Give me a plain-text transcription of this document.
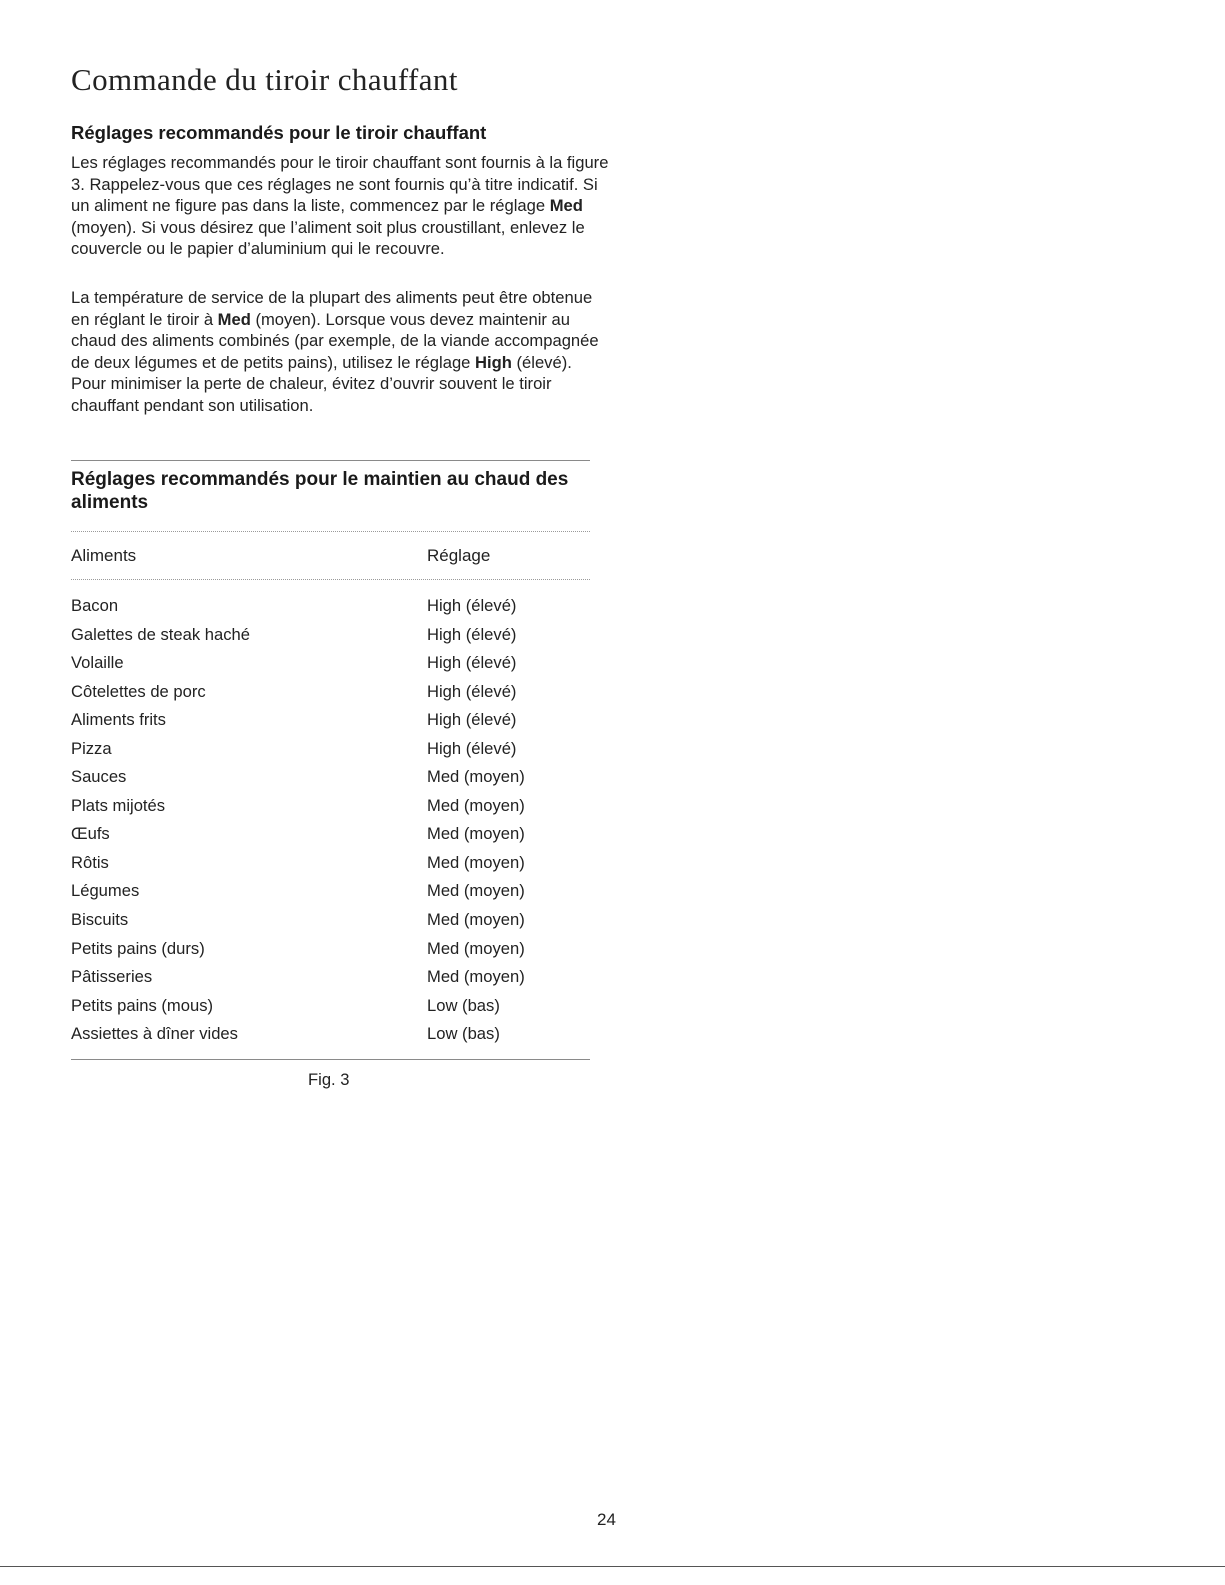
Commande du tiroir chauffant
Réglages recommandés pour le tiroir chauffant

Les réglages recommandés pour le tiroir chauffant sont fournis à la figure 3. Rappelez-vous que ces réglages ne sont fournis qu’à titre indicatif. Si un aliment ne figure pas dans la liste, commencez par le réglage Med (moyen). Si vous désirez que l’aliment soit plus croustillant, enlevez le couvercle ou le papier d’aluminium qui le recouvre.

La température de service de la plupart des aliments peut être obtenue en réglant le tiroir à Med (moyen). Lorsque vous devez maintenir au chaud des aliments combinés (par exemple, de la viande accompagnée de deux légumes et de petits pains), utilisez le réglage High (élevé). Pour minimiser la perte de chaleur, évitez d’ouvrir souvent le tiroir chauffant pendant son utilisation.

Réglages recommandés pour le maintien au chaud des aliments
Aliments	Réglage
Bacon	High (élevé)
Galettes de steak haché	High (élevé)
Volaille	High (élevé)
Côtelettes de porc	High (élevé)
Aliments frits	High (élevé)
Pizza	High (élevé)
Sauces	Med (moyen)
Plats mijotés	Med (moyen)
Œufs	Med (moyen)
Rôtis	Med (moyen)
Légumes	Med (moyen)
Biscuits	Med (moyen)
Petits pains (durs)	Med (moyen)
Pâtisseries	Med (moyen)
Petits pains (mous)	Low (bas)
Assiettes à dîner vides	Low (bas)
Fig. 3
24
